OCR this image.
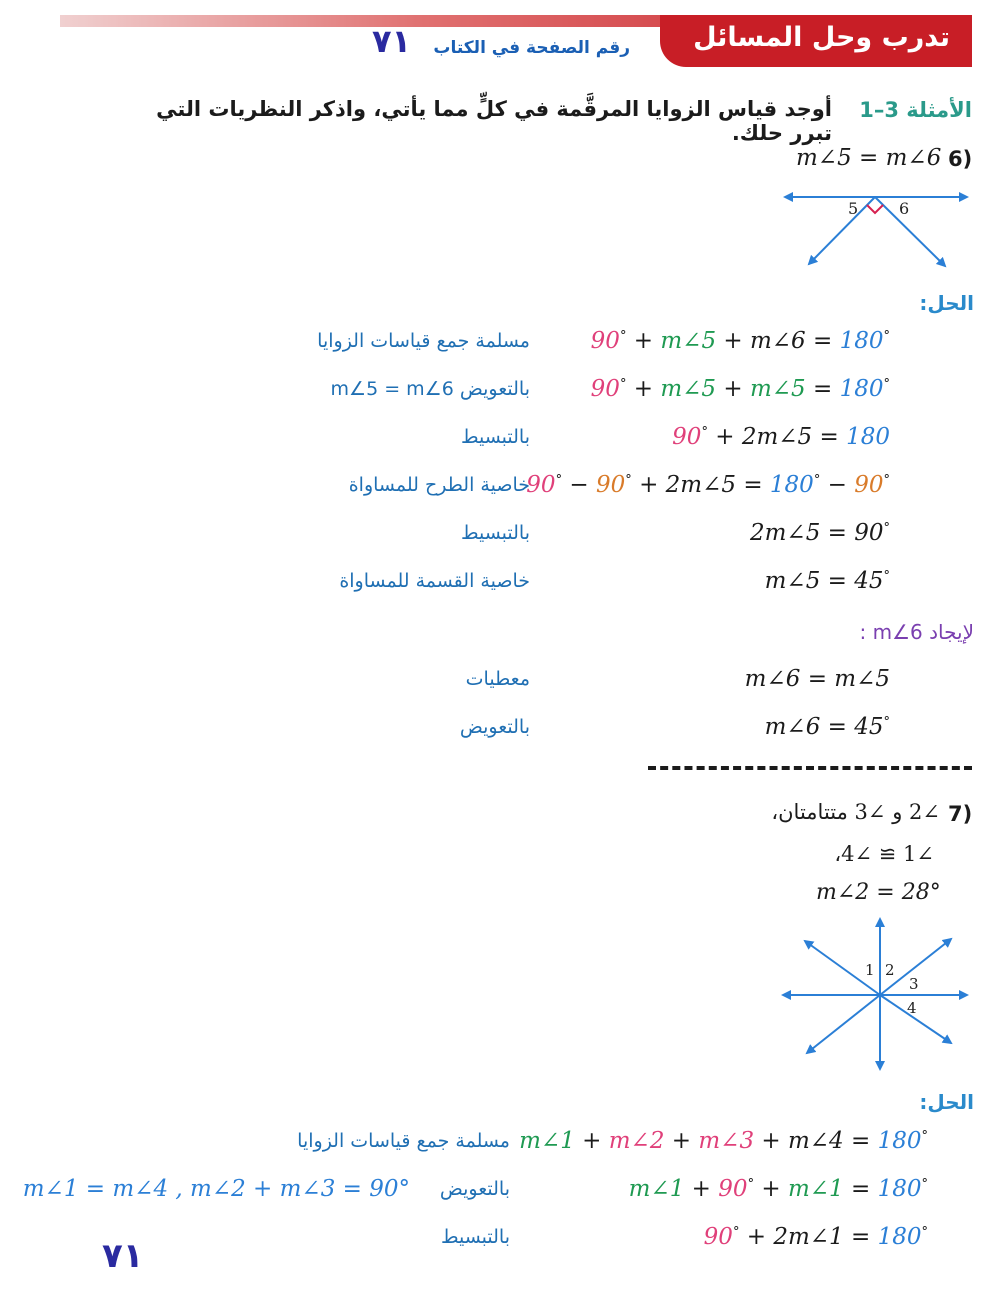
تدرب وحل المسائل
رقم الصفحة في الكتاب
٧١
الأمثلة 3–1
أوجد قياس الزوايا المرقَّمة في كلٍّ مما يأتي، واذكر النظريات التي تبرر حلك.
6)
m∠5 = m∠6
5	6
الحل:
90° + m∠5 + m∠6 = 180°
مسلمة جمع قياسات الزوايا
90° + m∠5 + m∠5 = 180°
بالتعويض m∠5 = m∠6
90° + 2m∠5 = 180
بالتبسيط
90° − 90° + 2m∠5 = 180° − 90°
خاصية الطرح للمساواة
2m∠5 = 90°
بالتبسيط
m∠5 = 45°
خاصية القسمة للمساواة
لإيجاد m∠6 :
m∠6 = m∠5
معطيات
m∠6 = 45°
بالتعويض
7)
∠2 و ∠3 متتامتان،
∠1 ≅ ∠4،
m∠2 = 28°
1 2
3
4
الحل:
m∠1 + m∠2 + m∠3 + m∠4 = 180°
مسلمة جمع قياسات الزوايا
m∠1 + 90° + m∠1 = 180°
بالتعويض
m∠1 = m∠4 , m∠2 + m∠3 = 90°
90° + 2m∠1 = 180°
بالتبسيط
٧١
